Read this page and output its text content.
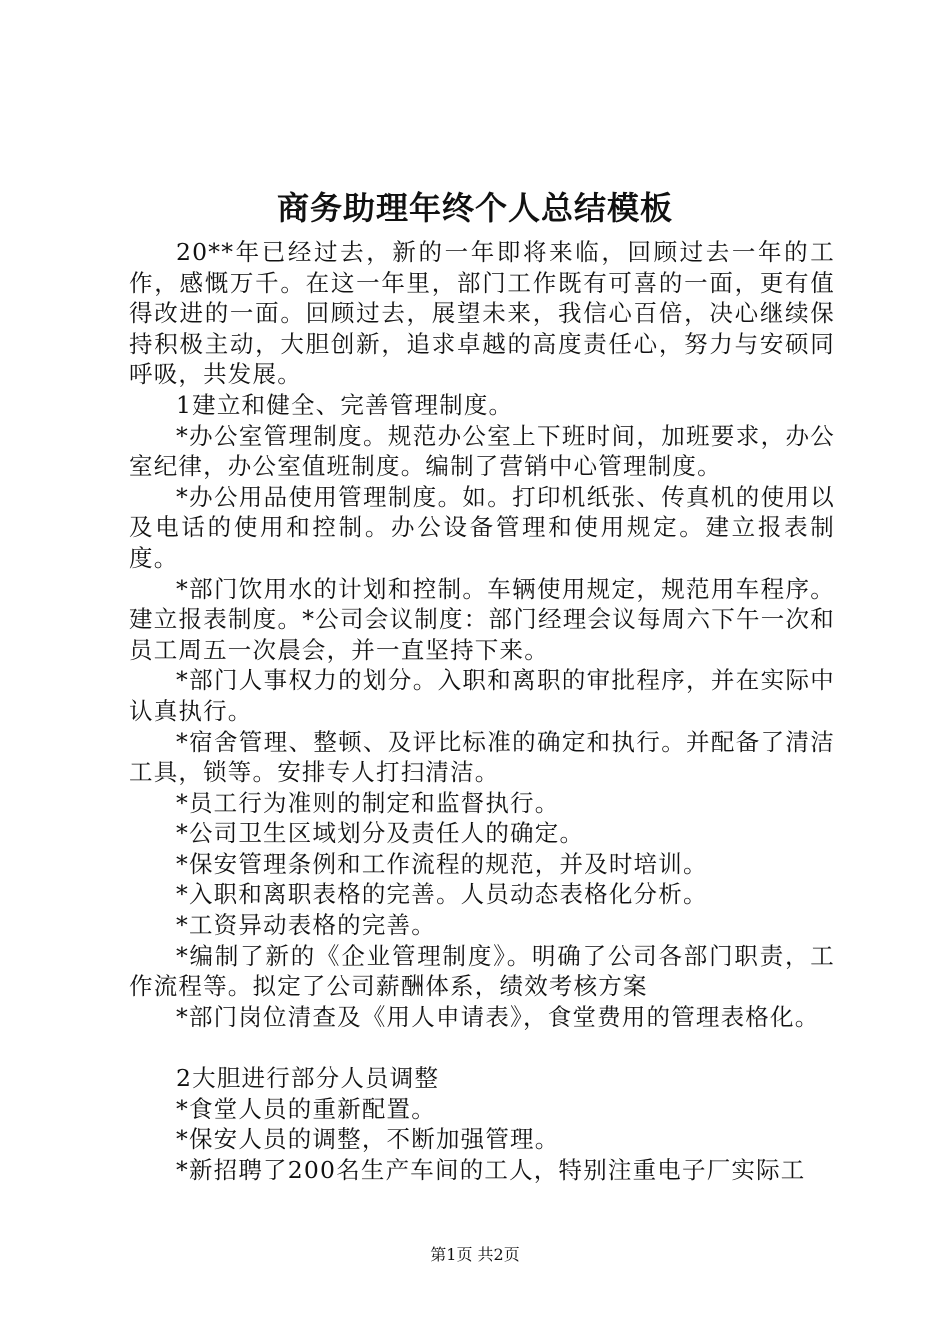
商务助理年终个人总结模板

20**年已经过去，新的一年即将来临，回顾过去一年的工作，感慨万千。在这一年里，部门工作既有可喜的一面，更有值得改进的一面。回顾过去，展望未来，我信心百倍，决心继续保持积极主动，大胆创新，追求卓越的高度责任心，努力与安硕同呼吸，共发展。

1建立和健全、完善管理制度。

*办公室管理制度。规范办公室上下班时间，加班要求，办公室纪律，办公室值班制度。编制了营销中心管理制度。

*办公用品使用管理制度。如。打印机纸张、传真机的使用以及电话的使用和控制。办公设备管理和使用规定。建立报表制度。

*部门饮用水的计划和控制。车辆使用规定，规范用车程序。建立报表制度。*公司会议制度：部门经理会议每周六下午一次和员工周五一次晨会，并一直坚持下来。

*部门人事权力的划分。入职和离职的审批程序，并在实际中认真执行。

*宿舍管理、整顿、及评比标准的确定和执行。并配备了清洁工具，锁等。安排专人打扫清洁。

*员工行为准则的制定和监督执行。

*公司卫生区域划分及责任人的确定。

*保安管理条例和工作流程的规范，并及时培训。

*入职和离职表格的完善。人员动态表格化分析。

*工资异动表格的完善。

*编制了新的《企业管理制度》。明确了公司各部门职责，工作流程等。拟定了公司薪酬体系，绩效考核方案

*部门岗位清查及《用人申请表》，食堂费用的管理表格化。

2大胆进行部分人员调整

*食堂人员的重新配置。

*保安人员的调整，不断加强管理。

*新招聘了200名生产车间的工人，特别注重电子厂实际工

第1页 共2页
